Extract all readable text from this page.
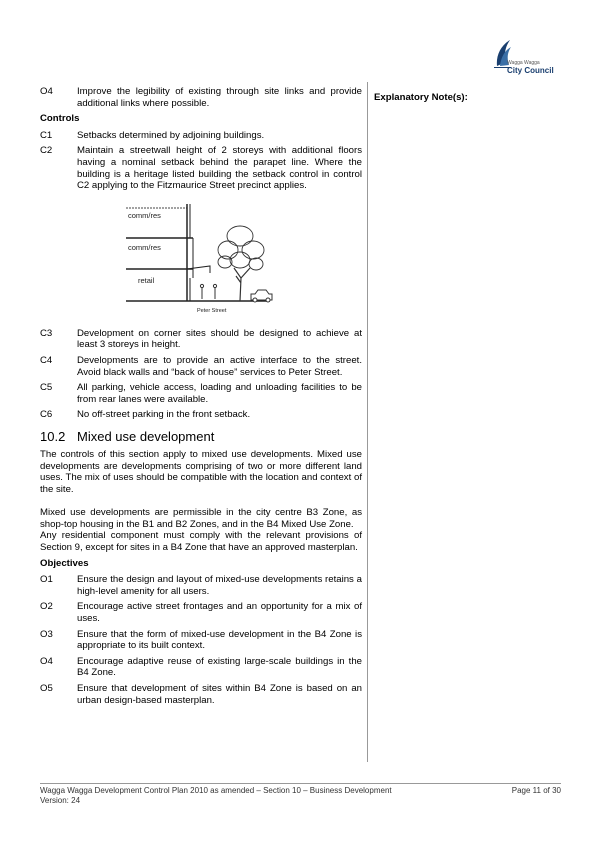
Wagga Wagga
City Council
Explanatory Note(s):
O4	Improve the legibility of existing through site links and provide additional links where possible.
Controls
C1	Setbacks determined by adjoining buildings.
C2	Maintain a streetwall height of 2 storeys with additional floors having a nominal setback behind the parapet line. Where the building is a heritage listed building the setback control in control C2 applying to the Fitzmaurice Street precinct applies.
comm/res
comm/res
retail
Peter Street
C3	Development on corner sites should be designed to achieve at least 3 storeys in height.
C4	Developments are to provide an active interface to the street. Avoid black walls and “back of house” services to Peter Street.
C5	All parking, vehicle access, loading and unloading facilities to be from rear lanes were available.
C6	No off-street parking in the front setback.
10.2 Mixed use development
The controls of this section apply to mixed use developments. Mixed use developments are developments comprising of two or more different land uses. The mix of uses should be compatible with the location and context of the site.
Mixed use developments are permissible in the city centre B3 Zone, as shop-top housing in the B1 and B2 Zones, and in the B4 Mixed Use Zone.
Any residential component must comply with the relevant provisions of Section 9, except for sites in a B4 Zone that have an approved masterplan.
Objectives
O1	Ensure the design and layout of mixed-use developments retains a high-level amenity for all users.
O2	Encourage active street frontages and an opportunity for a mix of uses.
O3	Ensure that the form of mixed-use development in the B4 Zone is appropriate to its built context.
O4	Encourage adaptive reuse of existing large-scale buildings in the B4 Zone.
O5	Ensure that development of sites within B4 Zone is based on an urban design-based masterplan.
Wagga Wagga Development Control Plan 2010 as amended – Section 10 – Business Development
Version: 24
Page 11 of 30
